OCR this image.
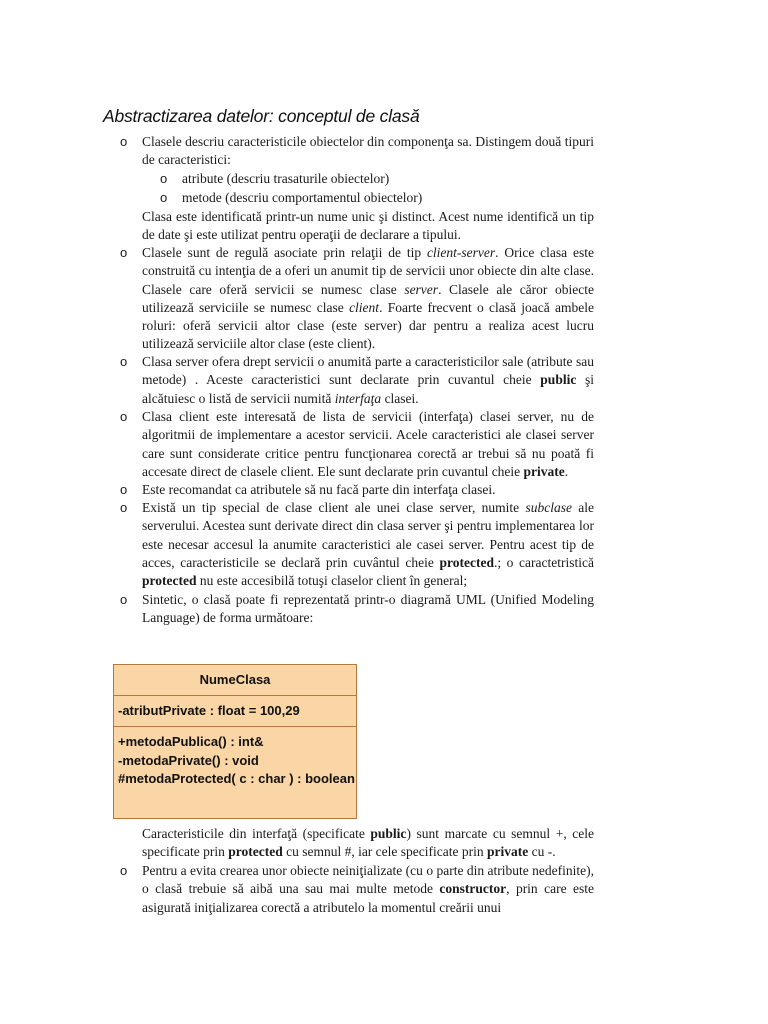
Abstractizarea datelor: conceptul de clasă
o Clasele descriu caracteristicile obiectelor din componenţa sa. Distingem două tipuri de caracteristici:
o atribute (descriu trasaturile obiectelor)
o metode (descriu comportamentul obiectelor)
Clasa este identificată printr-un nume unic şi distinct. Acest nume identifică un tip de date şi este utilizat pentru operaţii de declarare a tipului.
o Clasele sunt de regulă asociate prin relaţii de tip client-server. Orice clasa este construită cu intenţia de a oferi un anumit tip de servicii unor obiecte din alte clase. Clasele care oferă servicii se numesc clase server. Clasele ale căror obiecte utilizează serviciile se numesc clase client. Foarte frecvent o clasă joacă ambele roluri: oferă servicii altor clase (este server) dar pentru a realiza acest lucru utilizează serviciile altor clase (este client).
o Clasa server ofera drept servicii o anumită parte a caracteristicilor sale (atribute sau metode) . Aceste caracteristici sunt declarate prin cuvantul cheie public şi alcătuiesc o listă de servicii numită interfaţa clasei.
o Clasa client este interesată de lista de servicii (interfaţa) clasei server, nu de algoritmii de implementare a acestor servicii. Acele caracteristici ale clasei server care sunt considerate critice pentru funcţionarea corectă ar trebui să nu poată fi accesate direct de clasele client. Ele sunt declarate prin cuvantul cheie private.
o Este recomandat ca atributele să nu facă parte din interfaţa clasei.
o Există un tip special de clase client ale unei clase server, numite subclase ale serverului. Acestea sunt derivate direct din clasa server şi pentru implementarea lor este necesar accesul la anumite caracteristici ale casei server. Pentru acest tip de acces, caracteristicile se declară prin cuvântul cheie protected.; o caractetristică protected nu este accesibilă totuşi claselor client în general;
o Sintetic, o clasă poate fi reprezentată printr-o diagramă UML (Unified Modeling Language) de forma următoare:
NumeClasa
-atributPrivate : float = 100,29
+metodaPublica() : int&
-metodaPrivate() : void
#metodaProtected( c : char ) : boolean
Caracteristicile din interfaţă (specificate public) sunt marcate cu semnul +, cele specificate prin protected cu semnul #, iar cele specificate prin private cu -.
o Pentru a evita crearea unor obiecte neiniţializate (cu o parte din atribute nedefinite), o clasă trebuie să aibă una sau mai multe metode constructor, prin care este asigurată iniţializarea corectă a atributelo la momentul creării unui
